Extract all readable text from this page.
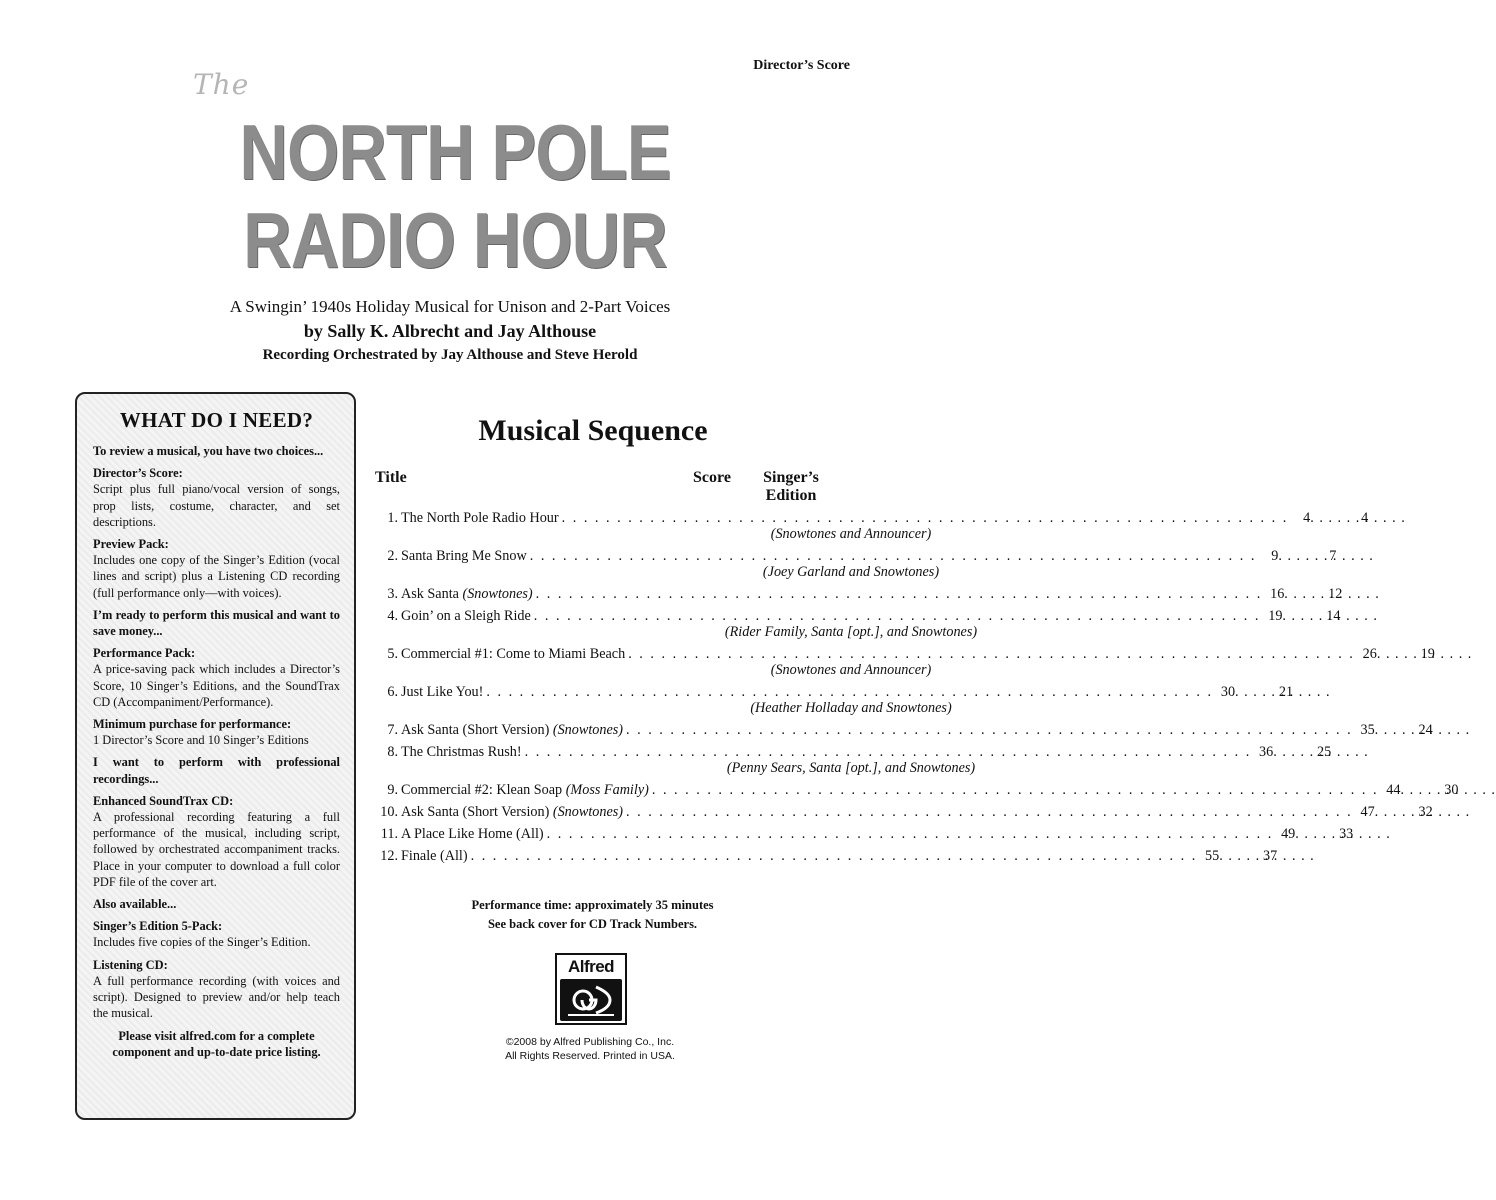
Director’s Score
The
NORTH POLE
RADIO HOUR
A Swingin’ 1940s Holiday Musical for Unison and 2-Part Voices
by Sally K. Albrecht and Jay Althouse
Recording Orchestrated by Jay Althouse and Steve Herold
WHAT DO I NEED?

To review a musical, you have two choices...

Director’s Score:

Script plus full piano/vocal version of songs, prop lists, costume, character, and set descriptions.

Preview Pack:

Includes one copy of the Singer’s Edition (vocal lines and script) plus a Listening CD recording (full performance only—with voices).

I’m ready to perform this musical and want to save money...

Performance Pack:

A price-saving pack which includes a Director’s Score, 10 Singer’s Editions, and the SoundTrax CD (Accompaniment/Performance).

Minimum purchase for performance:

1 Director’s Score and 10 Singer’s Editions

I want to perform with professional recordings...

Enhanced SoundTrax CD:

A professional recording featuring a full performance of the musical, including script, followed by orchestrated accompaniment tracks. Place in your computer to download a full color PDF file of the cover art.

Also available...

Singer’s Edition 5-Pack:

Includes five copies of the Singer’s Edition.

Listening CD:

A full performance recording (with voices and script). Designed to preview and/or help teach the musical.

Please visit alfred.com for a complete component and up-to-date price listing.

Musical Sequence
Title	Score	Singer’s Edition
1. The North Pole Radio Hour . . .	4 . . .	4
(Snowtones and Announcer)
2. Santa Bring Me Snow . . .	9 . . .	7
(Joey Garland and Snowtones)
3. Ask Santa (Snowtones) . . .	16 . . .	12
4. Goin’ on a Sleigh Ride . . .	19 . . .	14
(Rider Family, Santa [opt.], and Snowtones)
5. Commercial #1: Come to Miami Beach . . .	26 . . .	19
(Snowtones and Announcer)
6. Just Like You! . . .	30 . . .	21
(Heather Holladay and Snowtones)
7. Ask Santa (Short Version) (Snowtones) . . .	35 . . .	24
8. The Christmas Rush! . . .	36 . . .	25
(Penny Sears, Santa [opt.], and Snowtones)
9. Commercial #2: Klean Soap (Moss Family) . . .	44 . . .	30
10. Ask Santa (Short Version) (Snowtones) . . .	47 . . .	32
11. A Place Like Home (All) . . .	49 . . .	33
12. Finale (All) . . .	55 . . .	37
Performance time: approximately 35 minutes
See back cover for CD Track Numbers.
Alfred
©2008 by Alfred Publishing Co., Inc.
All Rights Reserved. Printed in USA.
